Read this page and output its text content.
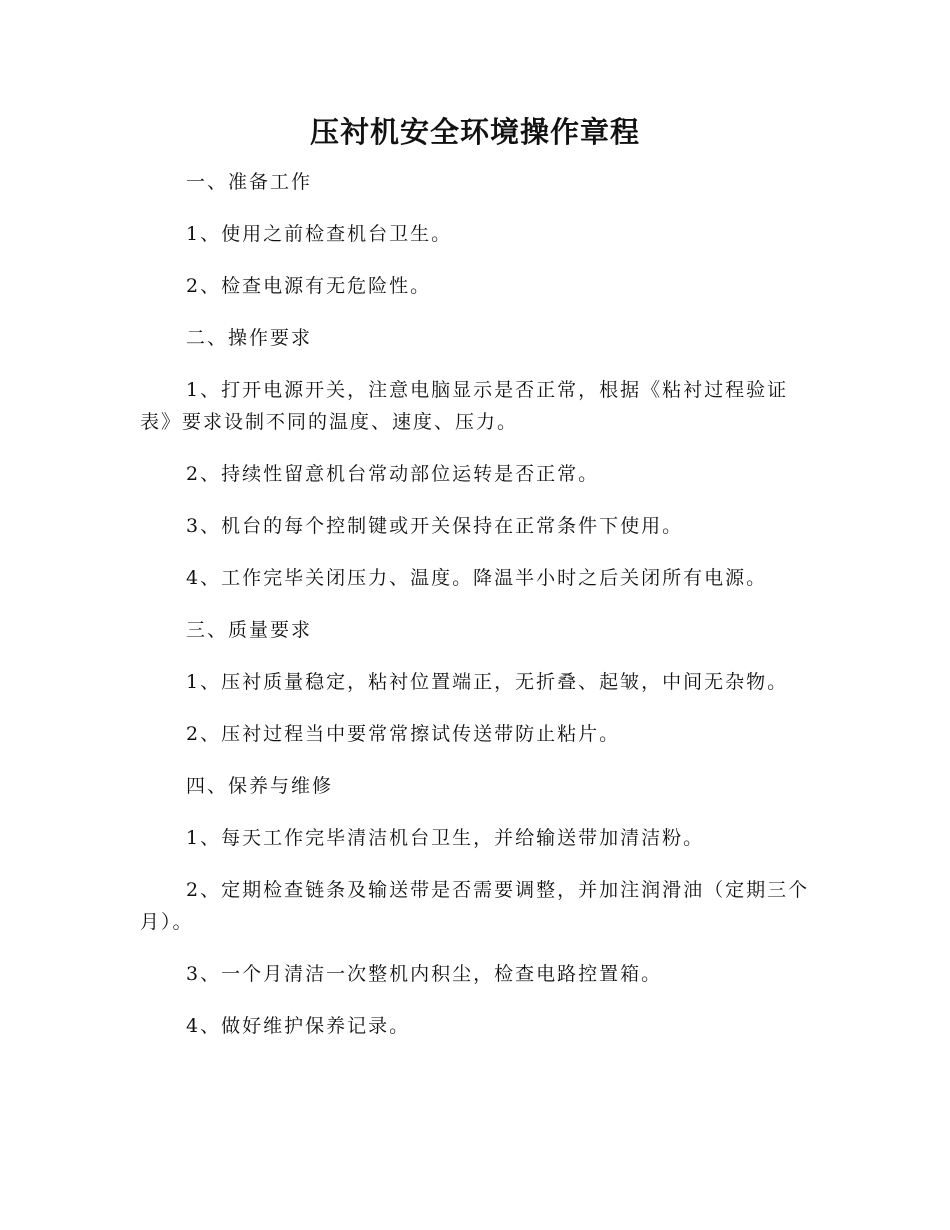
压衬机安全环境操作章程

一、准备工作

1、使用之前检查机台卫生。

2、检查电源有无危险性。

二、操作要求

1、打开电源开关，注意电脑显示是否正常，根据《粘衬过程验证表》要求设制不同的温度、速度、压力。

2、持续性留意机台常动部位运转是否正常。

3、机台的每个控制键或开关保持在正常条件下使用。

4、工作完毕关闭压力、温度。降温半小时之后关闭所有电源。

三、质量要求

1、压衬质量稳定，粘衬位置端正，无折叠、起皱，中间无杂物。

2、压衬过程当中要常常擦试传送带防止粘片。

四、保养与维修

1、每天工作完毕清洁机台卫生，并给输送带加清洁粉。

2、定期检查链条及输送带是否需要调整，并加注润滑油（定期三个月）。

3、一个月清洁一次整机内积尘，检查电路控置箱。

4、做好维护保养记录。
